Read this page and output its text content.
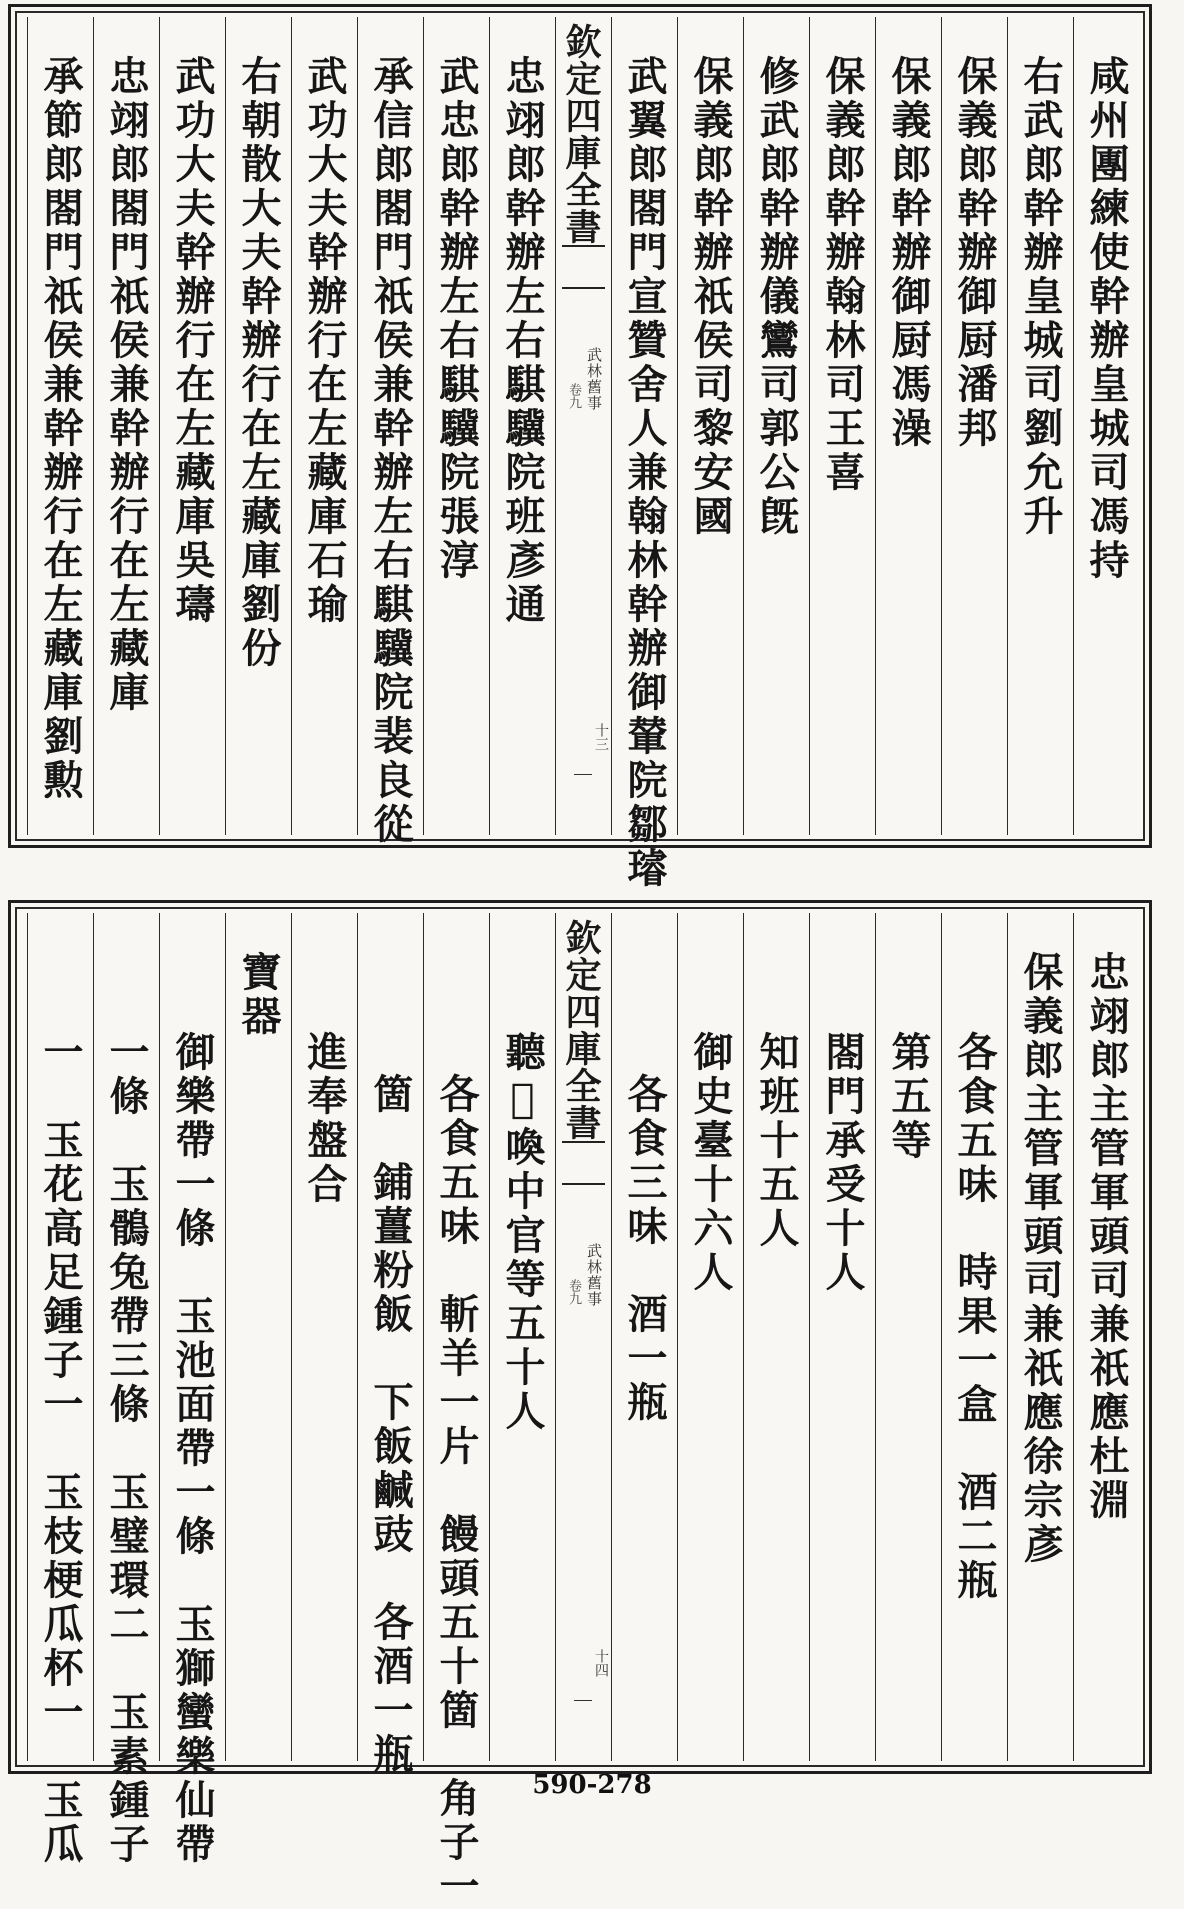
咸州團練使幹辦皇城司馮持
右武郎幹辦皇城司劉允升
保義郎幹辦御厨潘邦
保義郎幹辦御厨馮澡
保義郎幹辦翰林司王喜
修武郎幹辦儀鸞司郭公旣
保義郎幹辦祇侯司黎安國
武翼郎閤門宣贊舍人兼翰林幹辦御輦院鄒璿
欽定四庫全書
武林舊事
卷九
十三
忠翊郎幹辦左右騏驥院班彥通
武忠郎幹辦左右騏驥院張淳
承信郎閤門祇侯兼幹辦左右騏驥院裴良從
武功大夫幹辦行在左藏庫石瑜
右朝散大夫幹辦行在左藏庫劉份
武功大夫幹辦行在左藏庫吳璹
忠翊郎閤門祇侯兼幹辦行在左藏庫
承節郎閤門祇侯兼幹辦行在左藏庫劉勲
忠翊郎主管軍頭司兼祇應杜淵
保義郎主管軍頭司兼祇應徐宗彥
各食五味　時果一盒　酒二瓶
第五等
閤門承受十人
知班十五人
御史臺十六人
各食三味　酒一瓶
欽定四庫全書
武林舊事
卷九
十四
聽𠯁喚中官等五十人
各食五味　斬羊一片　饅頭五十箇　角子一
箇　鋪薑粉飯　下飯鹹豉　各酒一瓶
進奉盤合
寶器
御樂帶一條　玉池面帶一條　玉獅蠻樂仙帶
一條　玉鶻兔帶三條　玉璧環二　玉素鍾子
一　玉花高足鍾子一　玉枝梗瓜杯一　玉瓜	590-278
